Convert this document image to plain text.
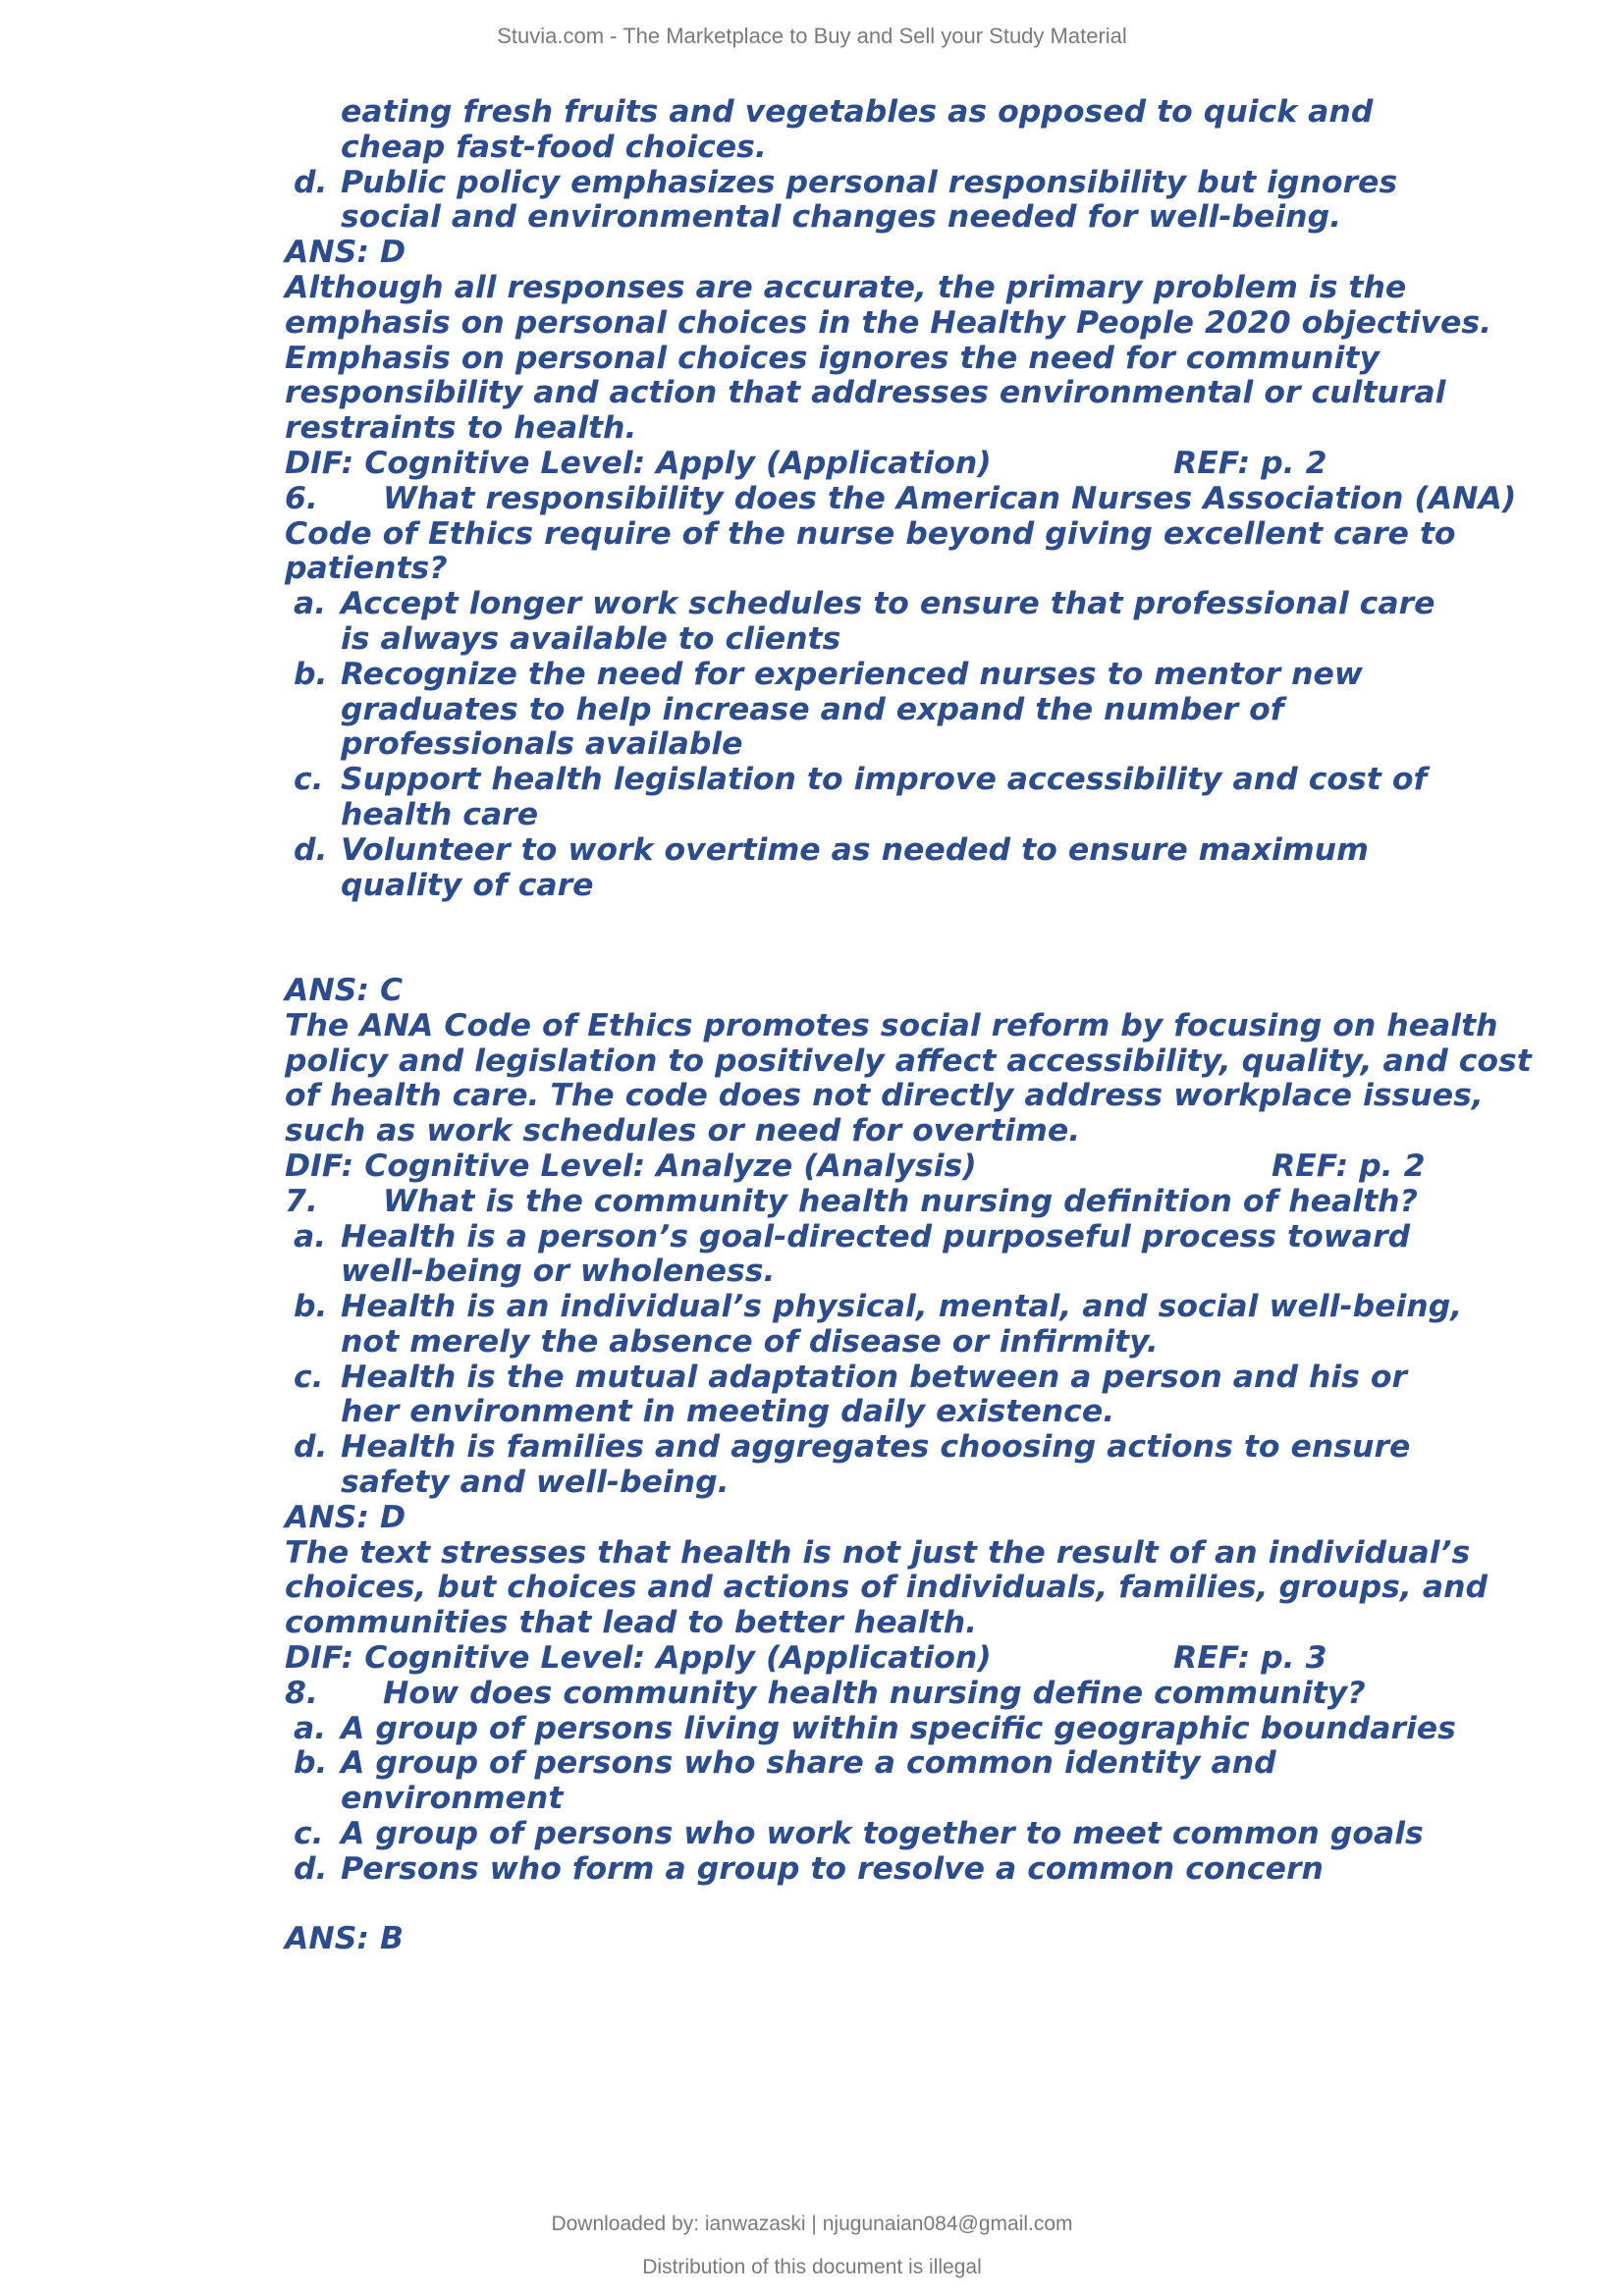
Stuvia.com - The Marketplace to Buy and Sell your Study Material
eating fresh fruits and vegetables as opposed to quick and
cheap fast-food choices.
d. Public policy emphasizes personal responsibility but ignores
social and environmental changes needed for well-being.
ANS: D
Although all responses are accurate, the primary problem is the
emphasis on personal choices in the Healthy People 2020 objectives.
Emphasis on personal choices ignores the need for community
responsibility and action that addresses environmental or cultural
restraints to health.
DIF: Cognitive Level: Apply (Application)	REF: p. 2
6. What responsibility does the American Nurses Association (ANA)
Code of Ethics require of the nurse beyond giving excellent care to
patients?
a. Accept longer work schedules to ensure that professional care
is always available to clients
b. Recognize the need for experienced nurses to mentor new
graduates to help increase and expand the number of
professionals available
c. Support health legislation to improve accessibility and cost of
health care
d. Volunteer to work overtime as needed to ensure maximum
quality of care
ANS: C
The ANA Code of Ethics promotes social reform by focusing on health
policy and legislation to positively affect accessibility, quality, and cost
of health care. The code does not directly address workplace issues,
such as work schedules or need for overtime.
DIF: Cognitive Level: Analyze (Analysis)	REF: p. 2
7. What is the community health nursing definition of health?
a. Health is a person’s goal-directed purposeful process toward
well-being or wholeness.
b. Health is an individual’s physical, mental, and social well-being,
not merely the absence of disease or infirmity.
c. Health is the mutual adaptation between a person and his or
her environment in meeting daily existence.
d. Health is families and aggregates choosing actions to ensure
safety and well-being.
ANS: D
The text stresses that health is not just the result of an individual’s
choices, but choices and actions of individuals, families, groups, and
communities that lead to better health.
DIF: Cognitive Level: Apply (Application)	REF: p. 3
8. How does community health nursing define community?
a. A group of persons living within specific geographic boundaries
b. A group of persons who share a common identity and
environment
c. A group of persons who work together to meet common goals
d. Persons who form a group to resolve a common concern
ANS: B
Downloaded by: ianwazaski | njugunaian084@gmail.com
Distribution of this document is illegal
